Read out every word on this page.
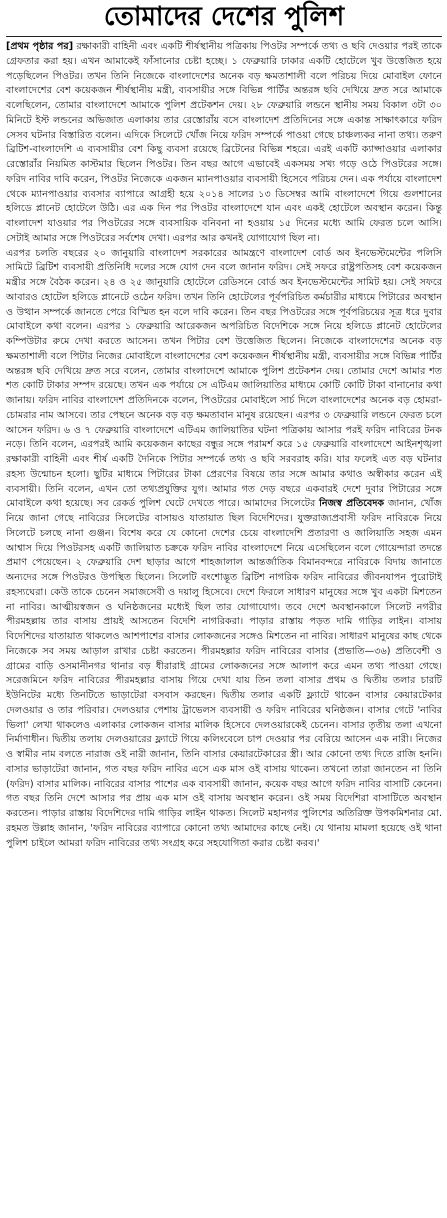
তোমাদের দেশের পুলিশ

[প্রথম পৃষ্ঠার পর] রক্ষাকারী বাহিনী এবং একটি শীর্ষস্থানীয় পত্রিকায় পিওটর সম্পর্কে তথ্য ও ছবি দেওয়ার পরই তাকে গ্রেফতার করা হয়। এখন আমাকেই ফাঁসানোর চেষ্টা হচ্ছে। ১ ফেব্রুয়ারি ঢাকার একটি হোটেলে খুব উত্তেজিত হয়ে পড়েছিলেন পিওটর। তখন তিনি নিজেকে বাংলাদেশের অনেক বড় ক্ষমতাশালী বলে পরিচয় দিয়ে মোবাইল ফোনে বাংলাদেশের বেশ কয়েকজন শীর্ষস্থানীয় মন্ত্রী, ব্যবসায়ীর সঙ্গে বিভিন্ন পার্টির অন্তরঙ্গ ছবি দেখিয়ে দ্রুত সরে আমাকে বলেছিলেন, তোমার বাংলাদেশে আমাকে পুলিশ প্রটেকশন দেয়। ২৮ ফেব্রুয়ারি লন্ডনে স্থানীয় সময় বিকাল ৩টা ৩০ মিনিটে ইস্ট লন্ডনের অভিজাত এলাকায় তার রেস্তোরাঁয় বসে বাংলাদেশ প্রতিদিনের সঙ্গে একান্ত সাক্ষাৎকারে ফরিদ সেসব ঘটনার বিস্তারিত বলেন। এদিকে সিলেটে খোঁজ নিয়ে ফরিদ সম্পর্কে পাওয়া গেছে চাঞ্চল্যকর নানা তথ্য। তরুণ ব্রিটিশ-বাংলাদেশি এ ব্যবসায়ীর বেশ কিছু ব্যবসা রয়েছে ব্রিটেনের বিভিন্ন শহরে। এরই একটি ক্যাপ্সাওয়ার এলাকার রেস্তোরাঁর নিয়মিত কাস্টমার ছিলেন পিওটর। তিন বছর আগে এভাবেই একসময় সখ্য গড়ে ওঠে পিওটরের সঙ্গে। ফরিদ নাবির দাবি করেন, পিওটর নিজেকে একজন ম্যানপাওয়ার ব্যবসায়ী হিসেবে পরিচয় দেন। এক পর্যায়ে বাংলাদেশ থেকে ম্যানপাওয়ার ব্যবসার ব্যাপারে আগ্রহী হয়ে ২০১৪ সালের ১৩ ডিসেম্বর আমি বাংলাদেশে গিয়ে গুলশানের হলিডে প্লানেট হোটেলে উঠি। এর এক দিন পর পিওটর বাংলাদেশে যান এবং একই হোটেলে অবস্থান করেন। কিন্তু বাংলাদেশ যাওয়ার পর পিওটরের সঙ্গে ব্যবসায়িক বনিবনা না হওয়ায় ১৫ দিনের মধ্যে আমি ফেরত চলে আসি। সেটাই আমার সঙ্গে পিওটরের সর্বশেষ দেখা। এরপর আর কখনই যোগাযোগ ছিল না।

এরপর চলতি বছরের ২০ জানুয়ারি বাংলাদেশ সরকারের আমন্ত্রণে বাংলাদেশ বোর্ড অব ইনভেস্টমেন্টের পলিসি সামিটে ব্রিটিশ ব্যবসায়ী প্রতিনিধি দলের সঙ্গে যোগ দেন বলে জানান ফরিদ। সেই সফরে রাষ্ট্রপতিসহ বেশ কয়েকজন মন্ত্রীর সঙ্গে বৈঠক করেন। ২৪ ও ২৫ জানুয়ারি হোটেলে রেডিসনে বোর্ড অব ইনভেস্টমেন্টের সামিট হয়। সেই সফরে আবারও হোটেল হলিডে প্লানেটে ওঠেন ফরিদ। তখন তিনি হোটেলের পূর্বপরিচিত কর্মচারীর মাধ্যমে পিটারের অবস্থান ও উত্থান সম্পর্কে জানতে পেরে বিস্মিত হন বলে দাবি করেন। তিন বছর পিওটরের সঙ্গে পূর্বপরিচয়ের সূত্র ধরে দুবার মোবাইলে কথা বলেন। এরপর ১ ফেব্রুয়ারি আরেকজন অপরিচিত বিদেশিকে সঙ্গে নিয়ে হলিডে প্লানেট হোটেলের কম্পিউটার রুমে দেখা করতে আসেন। তখন পিটার বেশ উত্তেজিত ছিলেন। নিজেকে বাংলাদেশের অনেক বড় ক্ষমতাশালী বলে পিটার নিজের মোবাইলে বাংলাদেশের বেশ কয়েকজন শীর্ষস্থানীয় মন্ত্রী, ব্যবসায়ীর সঙ্গে বিভিন্ন পার্টির অন্তরঙ্গ ছবি দেখিয়ে দ্রুত সরে বলেন, তোমার বাংলাদেশে আমাকে পুলিশ প্রটেকশন দেয়। তোমার দেশে আমার শত শত কোটি টাকার সম্পদ রয়েছে। তখন এক পর্যায়ে সে এটিএম জালিয়াতির মাধ্যমে কোটি কোটি টাকা বানানোর কথা জানায়। ফরিদ নাবির বাংলাদেশ প্রতিদিনকে বলেন, পিওটরের মোবাইলে সার্চ দিলে বাংলাদেশের অনেক বড় হোমরা-চোমরার নাম আসবে। তার পেছনে অনেক বড় বড় ক্ষমতাবান মানুষ রয়েছেন। এরপর ৩ ফেব্রুয়ারি লন্ডনে ফেরত চলে আসেন ফরিদ। ৬ ও ৭ ফেব্রুয়ারি বাংলাদেশে এটিএম জালিয়াতির ঘটনা পত্রিকায় আসার পরই ফরিদ নাবিরের টনক নড়ে। তিনি বলেন, এরপরই আমি কয়েকজন কাছের বন্ধুর সঙ্গে পরামর্শ করে ১৫ ফেব্রুয়ারি বাংলাদেশে আইনশৃঙ্খলা রক্ষাকারী বাহিনী এবং শীর্ষ একটি দৈনিকে পিটার সম্পর্কে তথ্য ও ছবি সরবরাহ করি। যার ফলেই এত বড় ঘটনার রহস্য উন্মোচন হলো। ছুটির মাধ্যমে পিটারের টাকা প্রেরণের বিষয়ে তার সঙ্গে আমার কথাও অস্বীকার করেন এই ব্যবসায়ী। তিনি বলেন, এখন তো তথ্যপ্রযুক্তির যুগ। আমার গত দেড় বছরে একবারই দেশে দুবার পিটারের সঙ্গে মোবাইলে কথা হয়েছে। সব রেকর্ড পুলিশ ঘেটে দেখতে পারে। আমাদের সিলেটের নিজস্ব প্রতিবেদক জানান, খোঁজ নিয়ে জানা গেছে নাবিরের সিলেটের বাসায়ও যাতায়াত ছিল বিদেশিদের। যুক্তরাজ্যপ্রবাসী ফরিদ নাবিরকে নিয়ে সিলেটে চলছে নানা গুঞ্জন। বিশেষ করে যে কোনো দেশের চেয়ে বাংলাদেশি প্রতারণা ও জালিয়াতি সহজ এমন আশ্বাস দিয়ে পিওটরসহ একটি জালিয়াত চক্রকে ফরিদ নাবির বাংলাদেশে নিয়ে এসেছিলেন বলে গোয়েন্দারা তদন্তে প্রমাণ পেয়েছেন। ২ ফেব্রুয়ারি দেশ ছাড়ার আগে শাহজালাল আন্তর্জাতিক বিমানবন্দরে নাবিরকে বিদায় জানাতে অন্যদের সঙ্গে পিওটরও উপস্থিত ছিলেন। সিলেটি বংশোদ্ভূত ব্রিটিশ নাগরিক ফরিদ নাবিরের জীবনযাপন পুরোটাই রহস্যঘেরা। কেউ তাকে চেনেন সমাজসেবী ও দয়ালু হিসেবে। দেশে ফিরলে সাধারণ মানুষের সঙ্গে খুব একটা মিশতেন না নাবির। আত্মীয়স্বজন ও ঘনিষ্ঠজনের মধ্যেই ছিল তার যোগাযোগ। তবে দেশে অবস্থানকালে সিলেট নগরীর পীরমহল্লায় তার বাসায় প্রায়ই আসতেন বিদেশি নাগরিকরা। পাড়ার রাস্তায় পড়ত দামি গাড়ির লাইন। বাসায় বিদেশিদের যাতায়াত থাকলেও আশপাশের বাসার লোকজনের সঙ্গেও মিশতেন না নাবির। সাধারণ মানুষের কাছ থেকে নিজেকে সব সময় আড়াল রাখার চেষ্টা করতেন। পীরমহল্লার ফরিদ নাবিরের বাসার (প্রভাতি—৩৬) প্রতিবেশী ও গ্রামের বাড়ি ওসমানীনগর থানার বড় ধীরারাই গ্রামের লোকজনের সঙ্গে আলাপ করে এমন তথ্য পাওয়া গেছে। সরেজমিনে ফরিদ নাবিরের পীরমহল্লার বাসায় গিয়ে দেখা যায় তিন তলা বাসার প্রথম ও দ্বিতীয় তলার চারটি ইউনিটের মধ্যে তিনটিতে ভাড়াটেরা বসবাস করছেন। দ্বিতীয় তলার একটি ফ্ল্যাটে থাকেন বাসার কেয়ারটেকার দেলওয়ার ও তার পরিবার। দেলওয়ার পেশায় ট্রাভেলস ব্যবসায়ী ও ফরিদ নাবিরের ঘনিষ্ঠজন। বাসার গেটে 'নাবির ভিলা' লেখা থাকলেও এলাকার লোকজন বাসার মালিক হিসেবে দেলওয়ারকেই চেনেন। বাসার তৃতীয় তলা এখনো নির্মাণাধীন। দ্বিতীয় তলায় দেলওয়ারের ফ্ল্যাটে গিয়ে কলিংবেলে চাপ দেওয়ার পর বেরিয়ে আসেন এক নারী। নিজের ও স্বামীর নাম বলতে নারাজ ওই নারী জানান, তিনি বাসার কেয়ারটেকারের স্ত্রী। আর কোনো তথ্য দিতে রাজি হননি। বাসার ভাড়াটেরা জানান, গত বছর ফরিদ নাবির এসে এক মাস ওই বাসায় থাকেন। তখনো তারা জানতেন না তিনি (ফরিদ) বাসার মালিক। নাবিরের বাসার পাশের এক ব্যবসায়ী জানান, কয়েক বছর আগে ফরিদ নাবির বাসাটি কেনেন। গত বছর তিনি দেশে আসার পর প্রায় এক মাস ওই বাসায় অবস্থান করেন। ওই সময় বিদেশিরা বাসাটিতে অবস্থান করতেন। পাড়ার রাস্তায় বিদেশিদের দামি গাড়ির লাইন থাকত। সিলেট মহানগর পুলিশের অতিরিক্ত উপকমিশনার মো. রহমত উল্লাহ জানান, 'ফরিদ নাবিরের ব্যাপারে কোনো তথ্য আমাদের কাছে নেই। যে থানায় মামলা হয়েছে ওই থানা পুলিশ চাইলে আমরা ফরিদ নাবিরের তথ্য সংগ্রহ করে সহযোগিতা করার চেষ্টা করব।'
